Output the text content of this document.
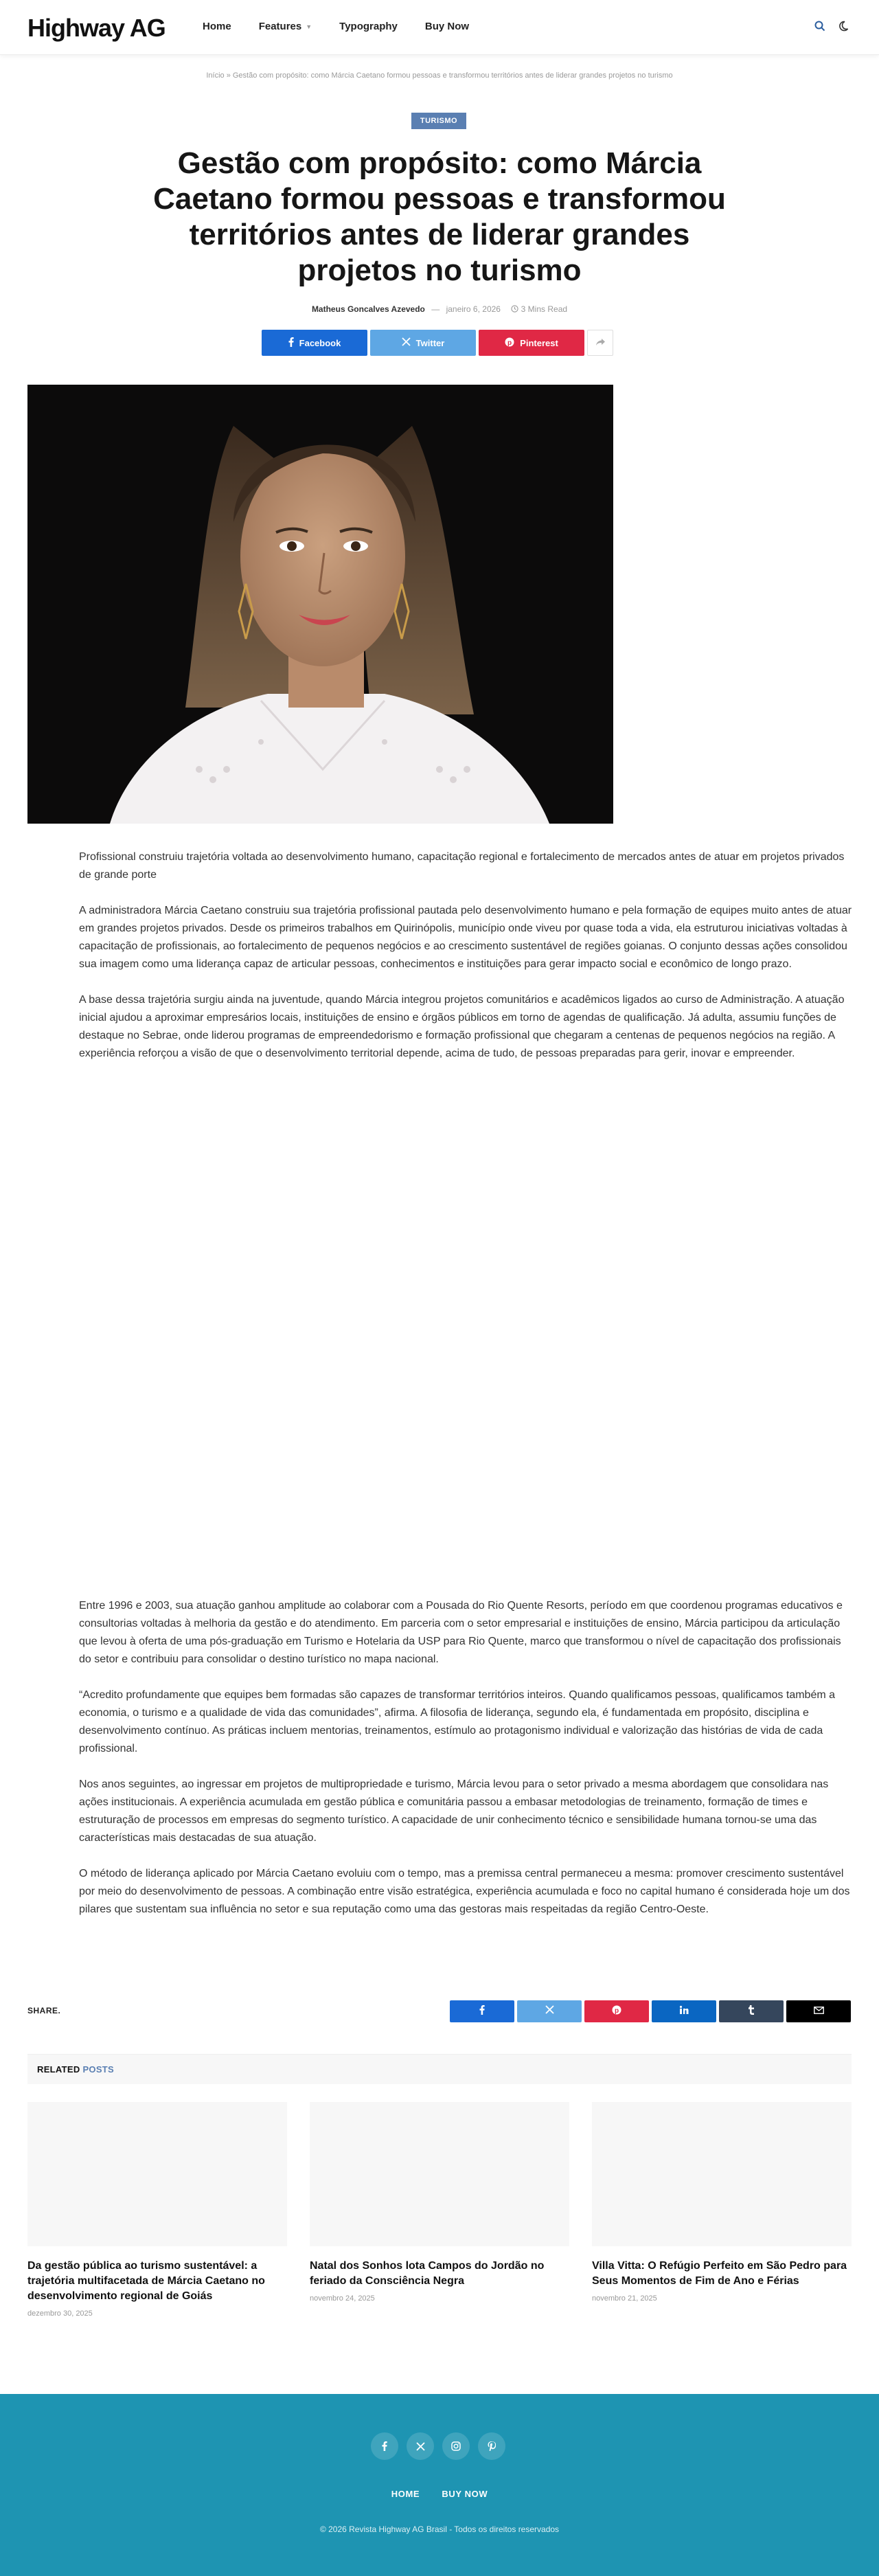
Highway AG	Home	Features ▼	Typography	Buy Now
Início » Gestão com propósito: como Márcia Caetano formou pessoas e transformou territórios antes de liderar grandes projetos no turismo
TURISMO
Gestão com propósito: como Márcia Caetano formou pessoas e transformou territórios antes de liderar grandes projetos no turismo
Matheus Goncalves Azevedo — janeiro 6, 2026 3 Mins Read
Facebook	Twitter	p Pinterest

Profissional construiu trajetória voltada ao desenvolvimento humano, capacitação regional e fortalecimento de mercados antes de atuar em projetos privados de grande porte

A administradora Márcia Caetano construiu sua trajetória profissional pautada pelo desenvolvimento humano e pela formação de equipes muito antes de atuar em grandes projetos privados. Desde os primeiros trabalhos em Quirinópolis, município onde viveu por quase toda a vida, ela estruturou iniciativas voltadas à capacitação de profissionais, ao fortalecimento de pequenos negócios e ao crescimento sustentável de regiões goianas. O conjunto dessas ações consolidou sua imagem como uma liderança capaz de articular pessoas, conhecimentos e instituições para gerar impacto social e econômico de longo prazo.

A base dessa trajetória surgiu ainda na juventude, quando Márcia integrou projetos comunitários e acadêmicos ligados ao curso de Administração. A atuação inicial ajudou a aproximar empresários locais, instituições de ensino e órgãos públicos em torno de agendas de qualificação. Já adulta, assumiu funções de destaque no Sebrae, onde liderou programas de empreendedorismo e formação profissional que chegaram a centenas de pequenos negócios na região. A experiência reforçou a visão de que o desenvolvimento territorial depende, acima de tudo, de pessoas preparadas para gerir, inovar e empreender.

Entre 1996 e 2003, sua atuação ganhou amplitude ao colaborar com a Pousada do Rio Quente Resorts, período em que coordenou programas educativos e consultorias voltadas à melhoria da gestão e do atendimento. Em parceria com o setor empresarial e instituições de ensino, Márcia participou da articulação que levou à oferta de uma pós-graduação em Turismo e Hotelaria da USP para Rio Quente, marco que transformou o nível de capacitação dos profissionais do setor e contribuiu para consolidar o destino turístico no mapa nacional.

“Acredito profundamente que equipes bem formadas são capazes de transformar territórios inteiros. Quando qualificamos pessoas, qualificamos também a economia, o turismo e a qualidade de vida das comunidades”, afirma. A filosofia de liderança, segundo ela, é fundamentada em propósito, disciplina e desenvolvimento contínuo. As práticas incluem mentorias, treinamentos, estímulo ao protagonismo individual e valorização das histórias de vida de cada profissional.

Nos anos seguintes, ao ingressar em projetos de multipropriedade e turismo, Márcia levou para o setor privado a mesma abordagem que consolidara nas ações institucionais. A experiência acumulada em gestão pública e comunitária passou a embasar metodologias de treinamento, formação de times e estruturação de processos em empresas do segmento turístico. A capacidade de unir conhecimento técnico e sensibilidade humana tornou-se uma das características mais destacadas de sua atuação.

O método de liderança aplicado por Márcia Caetano evoluiu com o tempo, mas a premissa central permaneceu a mesma: promover crescimento sustentável por meio do desenvolvimento de pessoas. A combinação entre visão estratégica, experiência acumulada e foco no capital humano é considerada hoje um dos pilares que sustentam sua influência no setor e sua reputação como uma das gestoras mais respeitadas da região Centro-Oeste.

SHARE.	p
RELATED POSTS
Da gestão pública ao turismo sustentável: a trajetória multifacetada de Márcia Caetano no desenvolvimento regional de Goiás
dezembro 30, 2025
Natal dos Sonhos lota Campos do Jordão no feriado da Consciência Negra
novembro 24, 2025
Villa Vitta: O Refúgio Perfeito em São Pedro para Seus Momentos de Fim de Ano e Férias
novembro 21, 2025
HOME BUY NOW
© 2026 Revista Highway AG Brasil - Todos os direitos reservados
